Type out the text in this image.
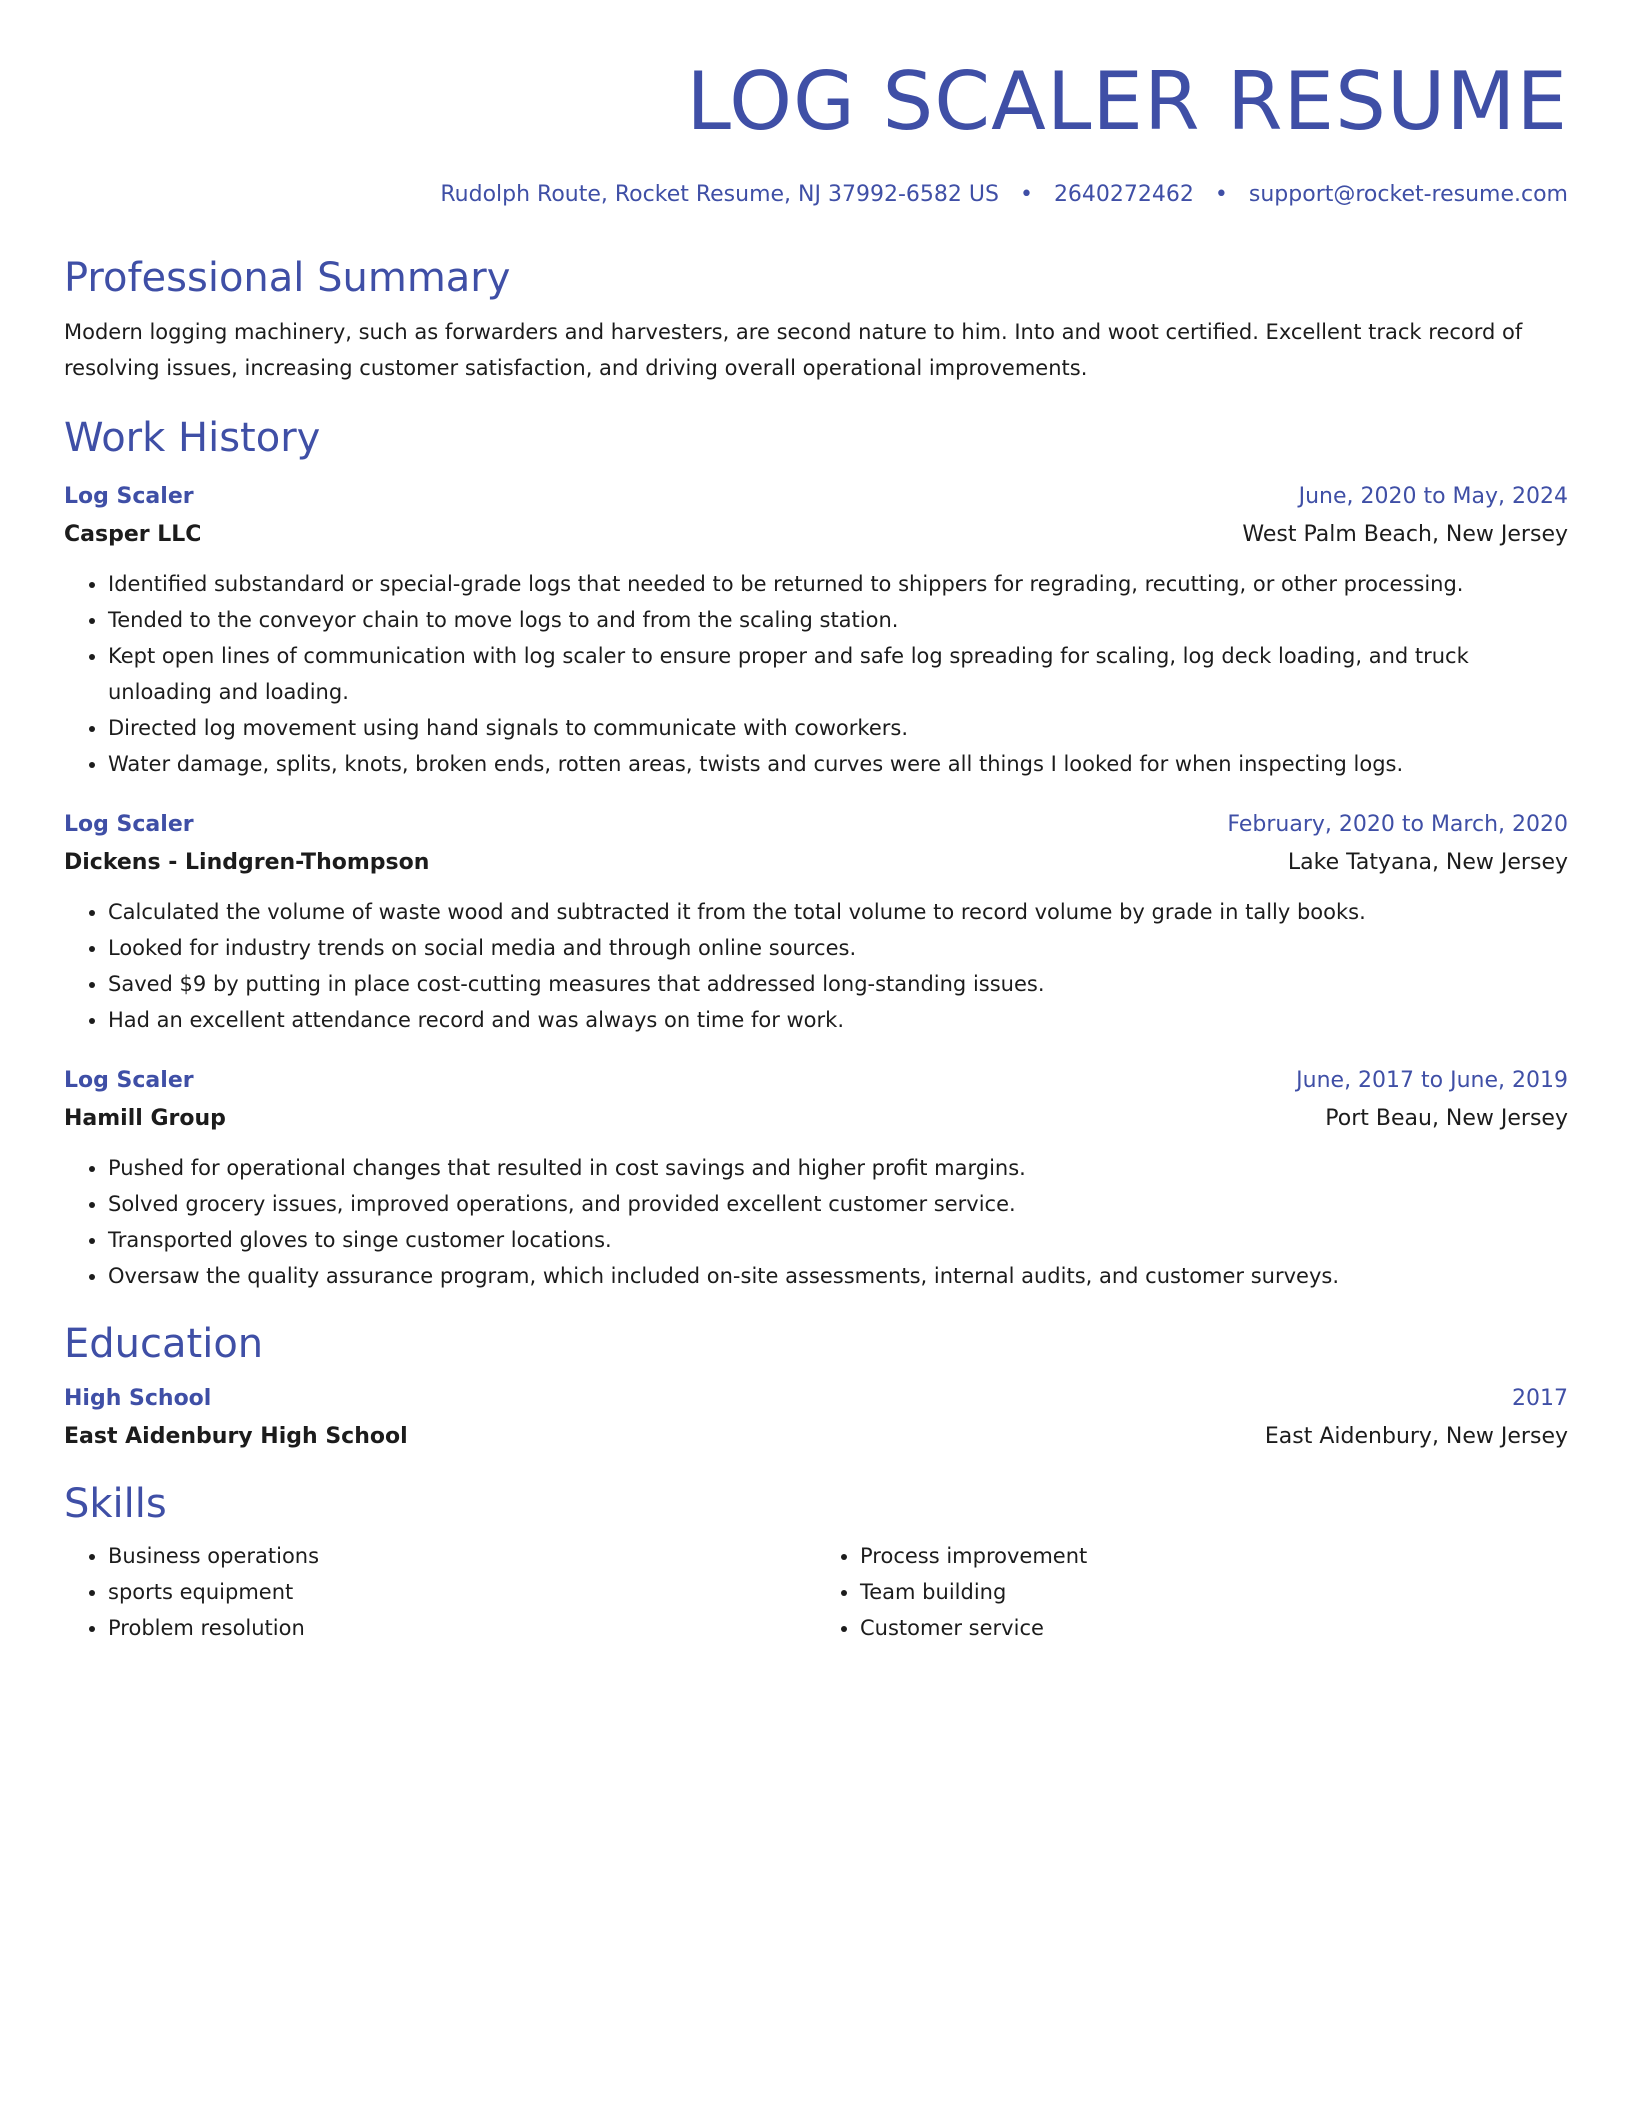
LOG SCALER RESUME
Rudolph Route, Rocket Resume, NJ 37992-6582 US • 2640272462 • support@rocket-resume.com
Professional Summary

Modern logging machinery, such as forwarders and harvesters, are second nature to him. Into and woot certified. Excellent track record of resolving issues, increasing customer satisfaction, and driving overall operational improvements.

Work History
Log Scaler	June, 2020 to May, 2024
Casper LLC	West Palm Beach, New Jersey
• Identified substandard or special-grade logs that needed to be returned to shippers for regrading, recutting, or other processing.
• Tended to the conveyor chain to move logs to and from the scaling station.
• Kept open lines of communication with log scaler to ensure proper and safe log spreading for scaling, log deck loading, and truck unloading and loading.
• Directed log movement using hand signals to communicate with coworkers.
• Water damage, splits, knots, broken ends, rotten areas, twists and curves were all things I looked for when inspecting logs.
Log Scaler	February, 2020 to March, 2020
Dickens - Lindgren-Thompson	Lake Tatyana, New Jersey
• Calculated the volume of waste wood and subtracted it from the total volume to record volume by grade in tally books.
• Looked for industry trends on social media and through online sources.
• Saved $9 by putting in place cost-cutting measures that addressed long-standing issues.
• Had an excellent attendance record and was always on time for work.
Log Scaler	June, 2017 to June, 2019
Hamill Group	Port Beau, New Jersey
• Pushed for operational changes that resulted in cost savings and higher profit margins.
• Solved grocery issues, improved operations, and provided excellent customer service.
• Transported gloves to singe customer locations.
• Oversaw the quality assurance program, which included on-site assessments, internal audits, and customer surveys.
Education
High School	2017
East Aidenbury High School	East Aidenbury, New Jersey
Skills
• Business operations
• sports equipment
• Problem resolution
• Process improvement
• Team building
• Customer service
